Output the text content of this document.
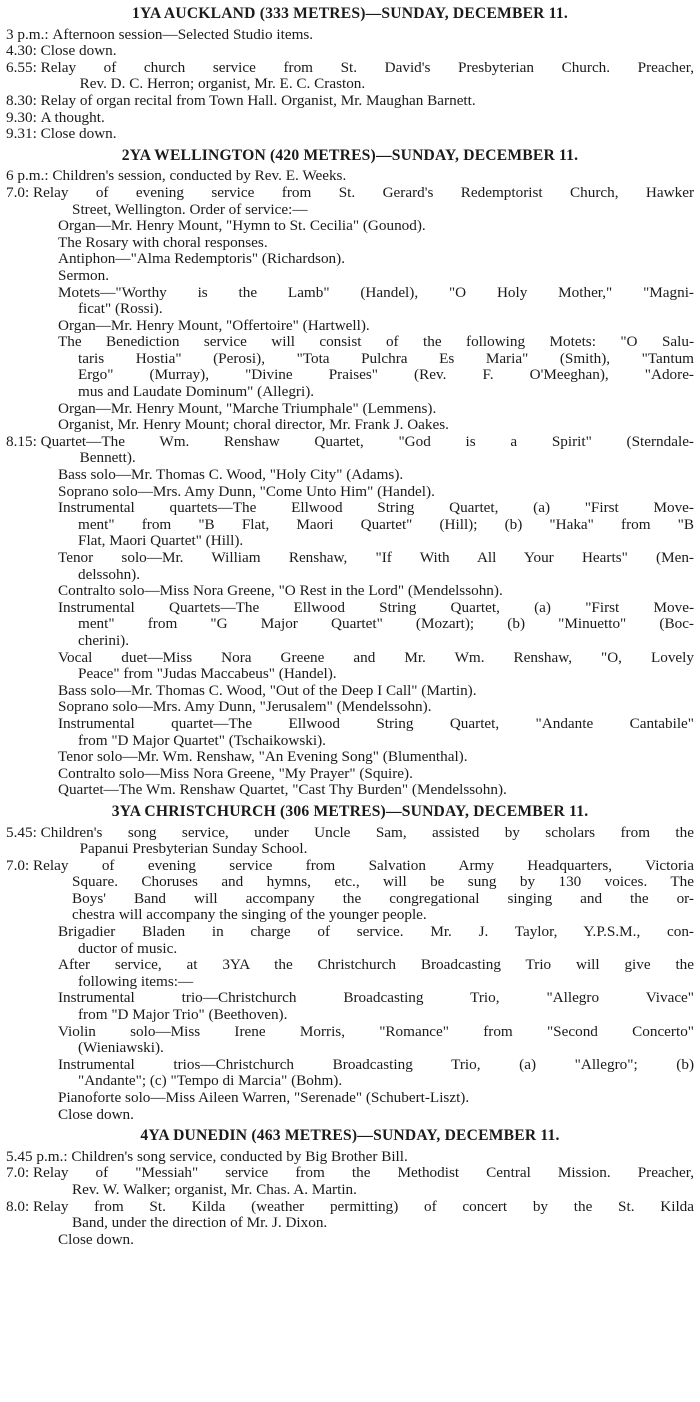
1YA AUCKLAND (333 METRES)—SUNDAY, DECEMBER 11.
3 p.m.: Afternoon session—Selected Studio items.
4.30: Close down.
6.55: Relay of church service from St. David's Presbyterian Church. Preacher,
Rev. D. C. Herron; organist, Mr. E. C. Craston.
8.30: Relay of organ recital from Town Hall. Organist, Mr. Maughan Barnett.
9.30: A thought.
9.31: Close down.
2YA WELLINGTON (420 METRES)—SUNDAY, DECEMBER 11.
6 p.m.: Children's session, conducted by Rev. E. Weeks.
7.0: Relay of evening service from St. Gerard's Redemptorist Church, Hawker
Street, Wellington. Order of service:—
Organ—Mr. Henry Mount, "Hymn to St. Cecilia" (Gounod).
The Rosary with choral responses.
Antiphon—"Alma Redemptoris" (Richardson).
Sermon.
Motets—"Worthy is the Lamb" (Handel), "O Holy Mother," "Magni-
ficat" (Rossi).
Organ—Mr. Henry Mount, "Offertoire" (Hartwell).
The Benediction service will consist of the following Motets: "O Salu-
taris Hostia" (Perosi), "Tota Pulchra Es Maria" (Smith), "Tantum
Ergo" (Murray), "Divine Praises" (Rev. F. O'Meeghan), "Adore-
mus and Laudate Dominum" (Allegri).
Organ—Mr. Henry Mount, "Marche Triumphale" (Lemmens).
Organist, Mr. Henry Mount; choral director, Mr. Frank J. Oakes.
8.15: Quartet—The Wm. Renshaw Quartet, "God is a Spirit" (Sterndale-
Bennett).
Bass solo—Mr. Thomas C. Wood, "Holy City" (Adams).
Soprano solo—Mrs. Amy Dunn, "Come Unto Him" (Handel).
Instrumental quartets—The Ellwood String Quartet, (a) "First Move-
ment" from "B Flat, Maori Quartet" (Hill); (b) "Haka" from "B
Flat, Maori Quartet" (Hill).
Tenor solo—Mr. William Renshaw, "If With All Your Hearts" (Men-
delssohn).
Contralto solo—Miss Nora Greene, "O Rest in the Lord" (Mendelssohn).
Instrumental Quartets—The Ellwood String Quartet, (a) "First Move-
ment" from "G Major Quartet" (Mozart); (b) "Minuetto" (Boc-
cherini).
Vocal duet—Miss Nora Greene and Mr. Wm. Renshaw, "O, Lovely
Peace" from "Judas Maccabeus" (Handel).
Bass solo—Mr. Thomas C. Wood, "Out of the Deep I Call" (Martin).
Soprano solo—Mrs. Amy Dunn, "Jerusalem" (Mendelssohn).
Instrumental quartet—The Ellwood String Quartet, "Andante Cantabile"
from "D Major Quartet" (Tschaikowski).
Tenor solo—Mr. Wm. Renshaw, "An Evening Song" (Blumenthal).
Contralto solo—Miss Nora Greene, "My Prayer" (Squire).
Quartet—The Wm. Renshaw Quartet, "Cast Thy Burden" (Mendelssohn).
3YA CHRISTCHURCH (306 METRES)—SUNDAY, DECEMBER 11.
5.45: Children's song service, under Uncle Sam, assisted by scholars from the
Papanui Presbyterian Sunday School.
7.0: Relay of evening service from Salvation Army Headquarters, Victoria
Square. Choruses and hymns, etc., will be sung by 130 voices. The
Boys' Band will accompany the congregational singing and the or-
chestra will accompany the singing of the younger people.
Brigadier Bladen in charge of service. Mr. J. Taylor, Y.P.S.M., con-
ductor of music.
After service, at 3YA the Christchurch Broadcasting Trio will give the
following items:—
Instrumental trio—Christchurch Broadcasting Trio, "Allegro Vivace"
from "D Major Trio" (Beethoven).
Violin solo—Miss Irene Morris, "Romance" from "Second Concerto"
(Wieniawski).
Instrumental trios—Christchurch Broadcasting Trio, (a) "Allegro"; (b)
"Andante"; (c) "Tempo di Marcia" (Bohm).
Pianoforte solo—Miss Aileen Warren, "Serenade" (Schubert-Liszt).
Close down.
4YA DUNEDIN (463 METRES)—SUNDAY, DECEMBER 11.
5.45 p.m.: Children's song service, conducted by Big Brother Bill.
7.0: Relay of "Messiah" service from the Methodist Central Mission. Preacher,
Rev. W. Walker; organist, Mr. Chas. A. Martin.
8.0: Relay from St. Kilda (weather permitting) of concert by the St. Kilda
Band, under the direction of Mr. J. Dixon.
Close down.
